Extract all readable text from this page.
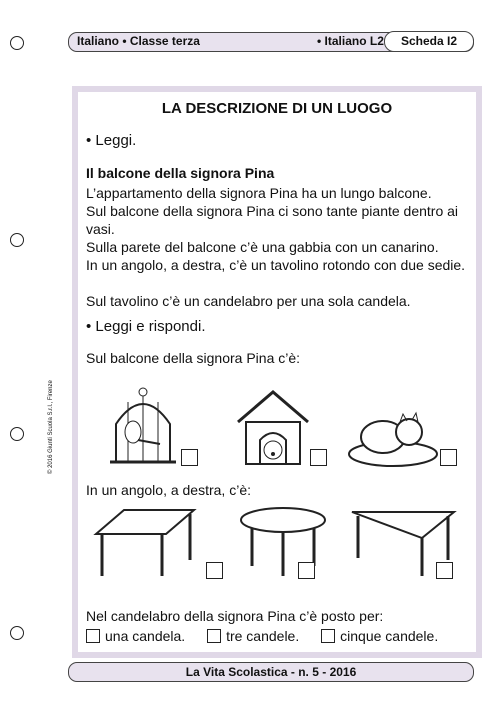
Italiano • Classe terza	• Italiano L2	Scheda I2
© 2016 Giunti Scuola S.r.l., Firenze
LA DESCRIZIONE DI UN LUOGO
• Leggi.
Il balcone della signora Pina
L’appartamento della signora Pina ha un lungo balcone.
Sul balcone della signora Pina ci sono tante piante dentro ai vasi.
Sulla parete del balcone c’è una gabbia con un canarino.
In un angolo, a destra, c’è un tavolino rotondo con due sedie.
Sul tavolino c’è un candelabro per una sola candela.
• Leggi e rispondi.
Sul balcone della signora Pina c’è:
In un angolo, a destra, c’è:
Nel candelabro della signora Pina c’è posto per:
una candela.	tre candele.	cinque candele.
La Vita Scolastica - n. 5 - 2016
